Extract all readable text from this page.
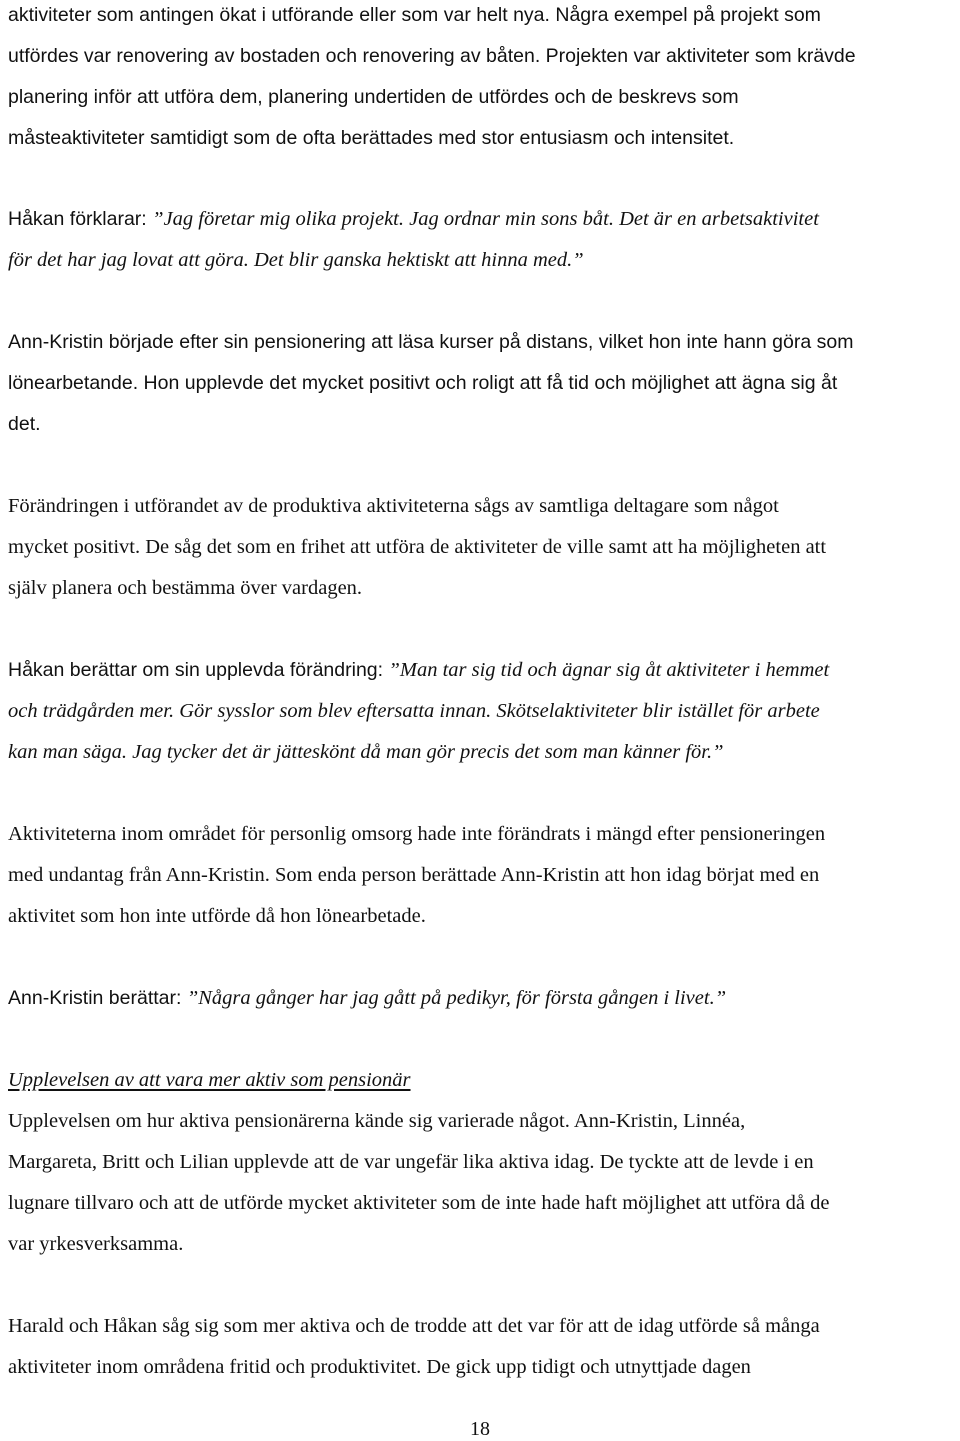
aktiviteter som antingen ökat i utförande eller som var helt nya. Några exempel på projekt som
utfördes var renovering av bostaden och renovering av båten. Projekten var aktiviteter som krävde
planering inför att utföra dem, planering undertiden de utfördes och de beskrevs som
måsteaktiviteter samtidigt som de ofta berättades med stor entusiasm och intensitet.
Håkan förklarar: ”Jag företar mig olika projekt. Jag ordnar min sons båt. Det är en arbetsaktivitet
för det har jag lovat att göra. Det blir ganska hektiskt att hinna med.”
Ann-Kristin började efter sin pensionering att läsa kurser på distans, vilket hon inte hann göra som
lönearbetande. Hon upplevde det mycket positivt och roligt att få tid och möjlighet att ägna sig åt
det.
Förändringen i utförandet av de produktiva aktiviteterna sågs av samtliga deltagare som något
mycket positivt. De såg det som en frihet att utföra de aktiviteter de ville samt att ha möjligheten att
själv planera och bestämma över vardagen.
Håkan berättar om sin upplevda förändring: ”Man tar sig tid och ägnar sig åt aktiviteter i hemmet
och trädgården mer. Gör sysslor som blev eftersatta innan. Skötselaktiviteter blir istället för arbete
kan man säga. Jag tycker det är jätteskönt då man gör precis det som man känner för.”
Aktiviteterna inom området för personlig omsorg hade inte förändrats i mängd efter pensioneringen
med undantag från Ann-Kristin. Som enda person berättade Ann-Kristin att hon idag börjat med en
aktivitet som hon inte utförde då hon lönearbetade.
Ann-Kristin berättar: ”Några gånger har jag gått på pedikyr, för första gången i livet.”
Upplevelsen av att vara mer aktiv som pensionär
Upplevelsen om hur aktiva pensionärerna kände sig varierade något. Ann-Kristin, Linnéa,
Margareta, Britt och Lilian upplevde att de var ungefär lika aktiva idag. De tyckte att de levde i en
lugnare tillvaro och att de utförde mycket aktiviteter som de inte hade haft möjlighet att utföra då de
var yrkesverksamma.
Harald och Håkan såg sig som mer aktiva och de trodde att det var för att de idag utförde så många
aktiviteter inom områdena fritid och produktivitet. De gick upp tidigt och utnyttjade dagen
18
